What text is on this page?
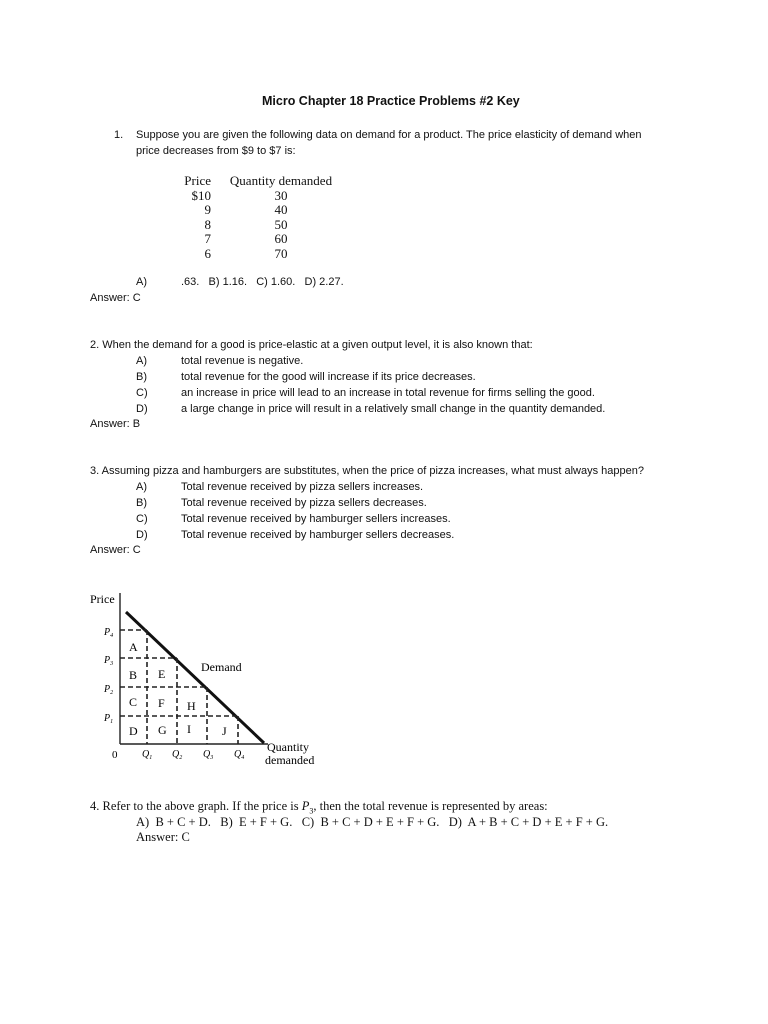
Micro Chapter 18 Practice Problems #2 Key
1. Suppose you are given the following data on demand for a product. The price elasticity of demand when
price decreases from $9 to $7 is:
Price	Quantity demanded
$10	30
9	40
8	50
7	60
6	70
A)	.63.   B) 1.16.   C) 1.60.   D) 2.27.
Answer: C
2. When the demand for a good is price-elastic at a given output level, it is also known that:
A)	total revenue is negative.
B)	total revenue for the good will increase if its price decreases.
C)	an increase in price will lead to an increase in total revenue for firms selling the good.
D)	a large change in price will result in a relatively small change in the quantity demanded.
Answer: B
3. Assuming pizza and hamburgers are substitutes, when the price of pizza increases, what must always happen?
A)	Total revenue received by pizza sellers increases.
B)	Total revenue received by pizza sellers decreases.
C)	Total revenue received by hamburger sellers increases.
D)	Total revenue received by hamburger sellers decreases.
Answer: C
Price
Demand
Quantity
demanded
0
$P_4$
$P_3$
$P_2$
$P_1$
$Q_1$ $Q_2$ $Q_3$ $Q_4$
A
B
C
D
E
F
G
H
I	J
4. Refer to the above graph. If the price is $P_3$, then the total revenue is represented by areas:
A)  B + C + D.   B)  E + F + G.   C)  B + C + D + E + F + G.   D)  A + B + C + D + E + F + G.
Answer: C
